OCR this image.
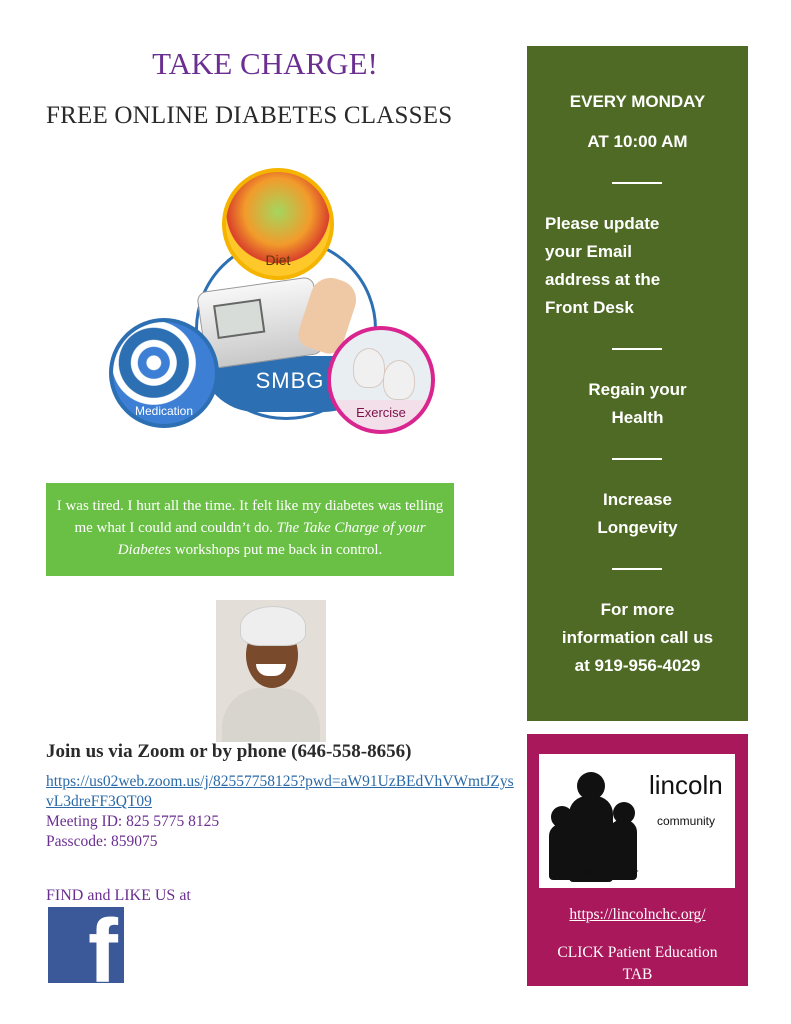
TAKE CHARGE!
FREE ONLINE DIABETES CLASSES
SMBG
Diet
Medication	Exercise
I was tired. I hurt all the time. It felt like my diabetes was telling me what I could and couldn’t do. The Take Charge of your Diabetes workshops put me back in control.
Join us via Zoom or by phone (646-558-8656)
https://us02web.zoom.us/j/82557758125?pwd=aW91UzBEdVhVWmtJZysvL3dreFF3QT09
Meeting ID: 825 5775 8125
Passcode: 859075
FIND and LIKE US at
f
EVERY MONDAY
AT 10:00 AM
Please update
your Email
address at the
Front Desk
Regain your
Health
Increase
Longevity
For more
information call us
at 919-956-4029
lincoln
community
ealth Center
https://lincolnchc.org/
CLICK Patient Education
TAB
